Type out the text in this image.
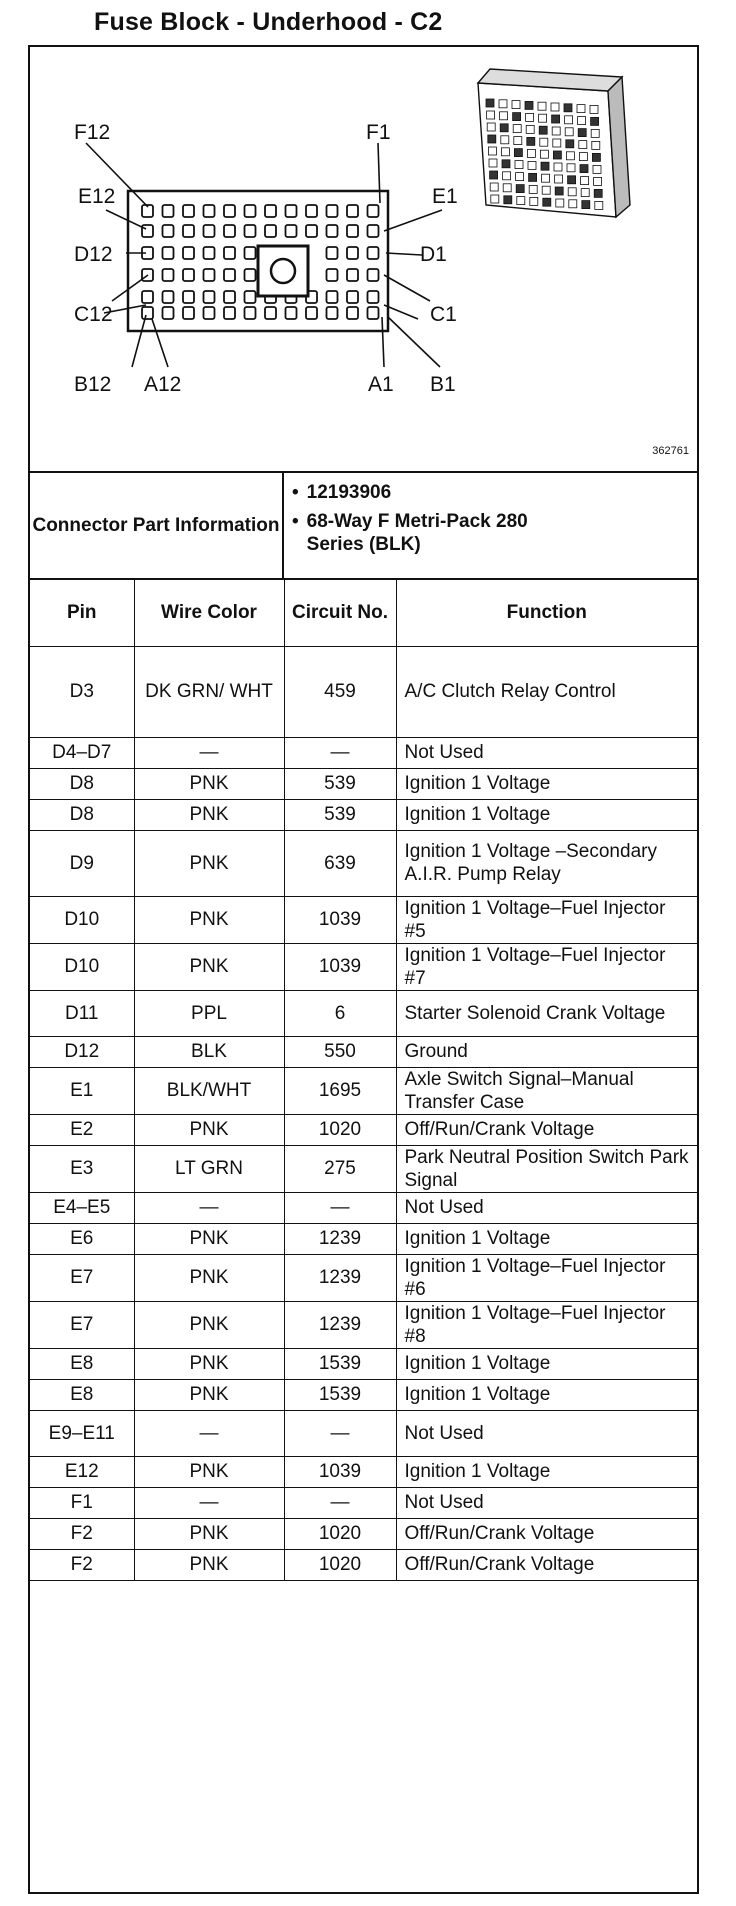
Fuse Block - Underhood - C2
F12	F1
E12	E1
D12	D1
C12	C1
B12 A12	A1 B1
362761
Connector Part Information
• 12193906
• 68-Way F Metri-Pack 280 Series (BLK)
Pin	Wire Color	Circuit No.	Function
D3	DK GRN/ WHT	459	A/C Clutch Relay Control
D4–D7	—	—	Not Used
D8	PNK	539	Ignition 1 Voltage
D8	PNK	539	Ignition 1 Voltage
D9	PNK	639	Ignition 1 Voltage –Secondary A.I.R. Pump Relay
D10	PNK	1039	Ignition 1 Voltage–Fuel Injector #5
D10	PNK	1039	Ignition 1 Voltage–Fuel Injector #7
D11	PPL	6	Starter Solenoid Crank Voltage
D12	BLK	550	Ground
E1	BLK/WHT	1695	Axle Switch Signal–Manual Transfer Case
E2	PNK	1020	Off/Run/Crank Voltage
E3	LT GRN	275	Park Neutral Position Switch Park Signal
E4–E5	—	—	Not Used
E6	PNK	1239	Ignition 1 Voltage
E7	PNK	1239	Ignition 1 Voltage–Fuel Injector #6
E7	PNK	1239	Ignition 1 Voltage–Fuel Injector #8
E8	PNK	1539	Ignition 1 Voltage
E8	PNK	1539	Ignition 1 Voltage
E9–E11	—	—	Not Used
E12	PNK	1039	Ignition 1 Voltage
F1	—	—	Not Used
F2	PNK	1020	Off/Run/Crank Voltage
F2	PNK	1020	Off/Run/Crank Voltage
